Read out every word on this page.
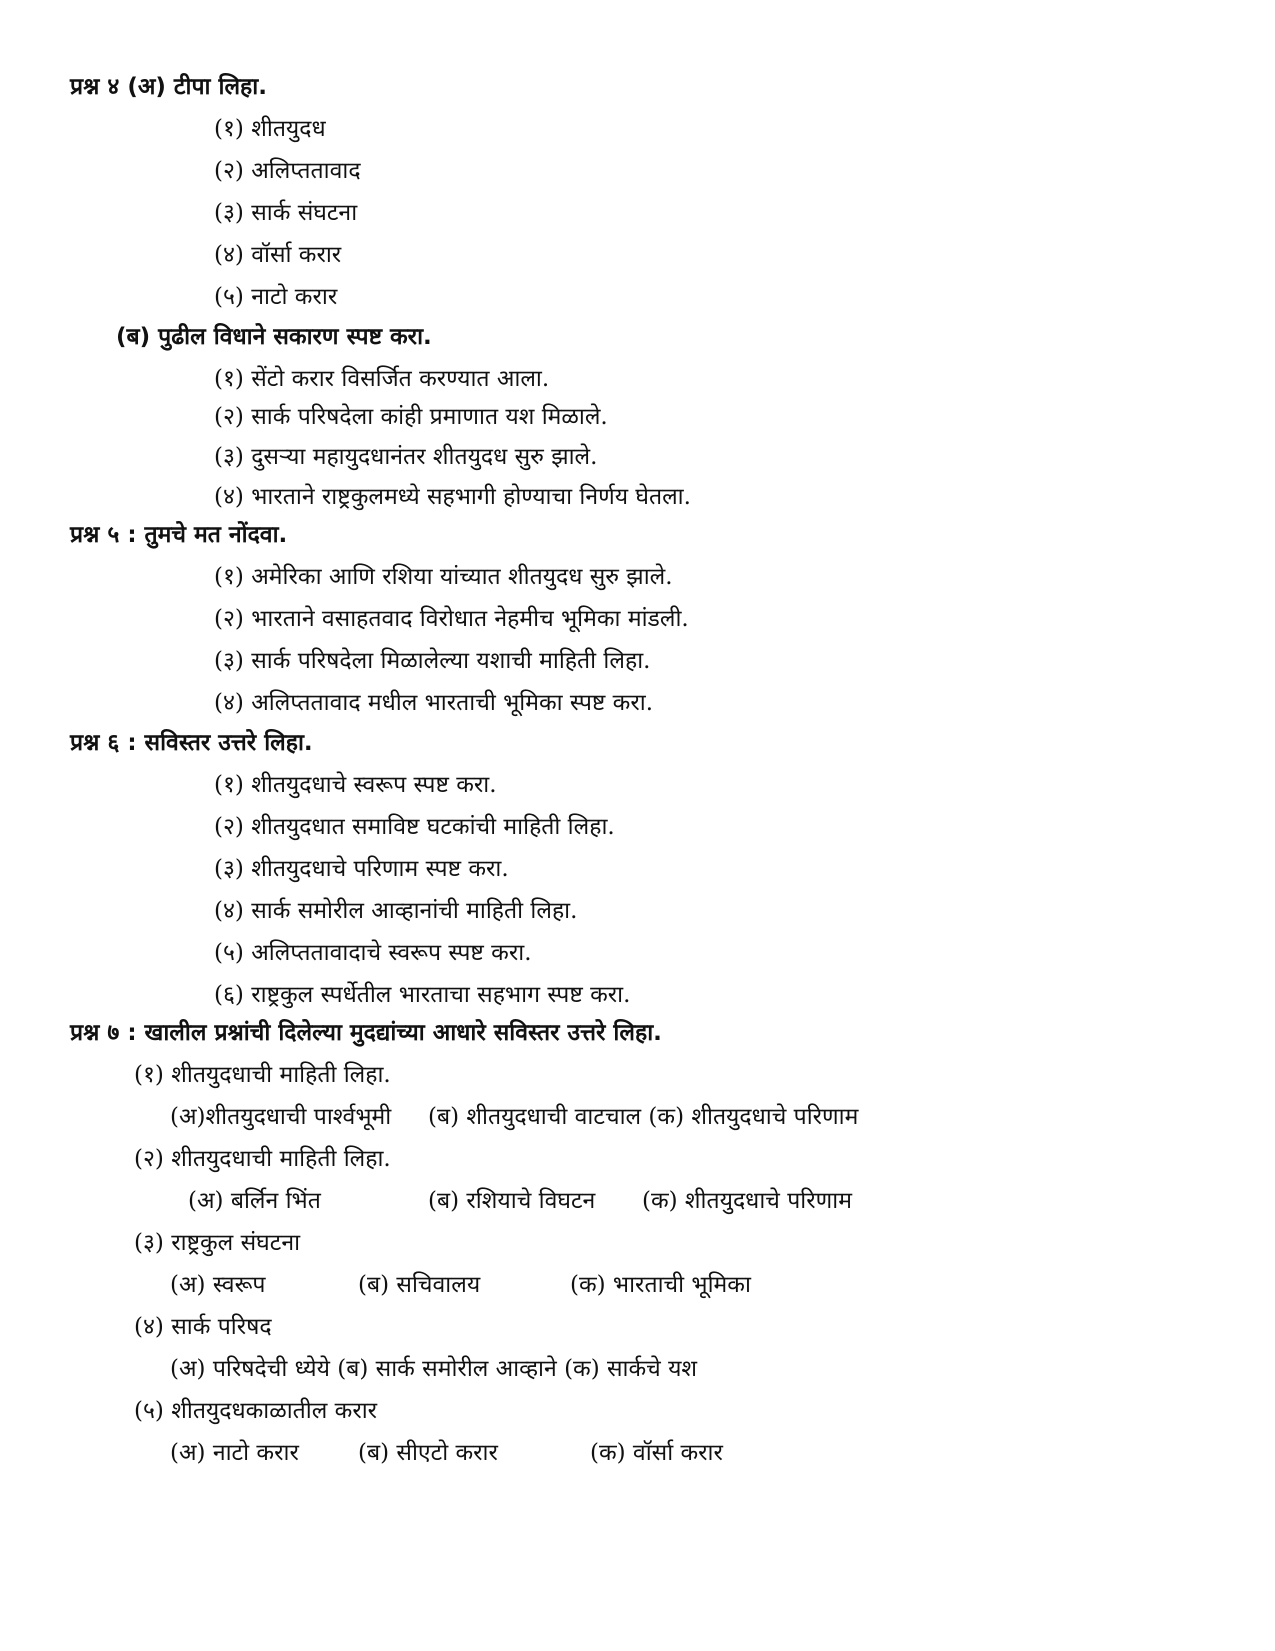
प्रश्न ४ (अ) टीपा लिहा.
(१) शीतयुदध
(२) अलिप्ततावाद
(३) सार्क संघटना
(४) वॉर्सा करार
(५) नाटो करार
(ब) पुढील विधाने सकारण स्पष्ट करा.
(१) सेंटो करार विसर्जित करण्यात आला.
(२) सार्क परिषदेला कांही प्रमाणात यश मिळाले.
(३) दुसऱ्या महायुदधानंतर शीतयुदध सुरु झाले.
(४) भारताने राष्ट्रकुलमध्ये सहभागी होण्याचा निर्णय घेतला.
प्रश्न ५ : तुमचे मत नोंदवा.
(१) अमेरिका आणि रशिया यांच्यात शीतयुदध सुरु झाले.
(२) भारताने वसाहतवाद विरोधात नेहमीच भूमिका मांडली.
(३) सार्क परिषदेला मिळालेल्या यशाची माहिती लिहा.
(४) अलिप्ततावाद मधील भारताची भूमिका स्पष्ट करा.
प्रश्न ६ : सविस्तर उत्तरे लिहा.
(१) शीतयुदधाचे स्वरूप स्पष्ट करा.
(२) शीतयुदधात समाविष्ट घटकांची माहिती लिहा.
(३) शीतयुदधाचे परिणाम स्पष्ट करा.
(४) सार्क समोरील आव्हानांची माहिती लिहा.
(५) अलिप्ततावादाचे स्वरूप स्पष्ट करा.
(६) राष्ट्रकुल स्पर्धेतील भारताचा सहभाग स्पष्ट करा.
प्रश्न ७ : खालील प्रश्नांची दिलेल्या मुदद्यांच्या आधारे सविस्तर उत्तरे लिहा.
(१) शीतयुदधाची माहिती लिहा.
(अ)शीतयुदधाची पार्श्वभूमी (ब) शीतयुदधाची वाटचाल (क) शीतयुदधाचे परिणाम
(२) शीतयुदधाची माहिती लिहा.
(अ) बर्लिन भिंत	(ब) रशियाचे विघटन (क) शीतयुदधाचे परिणाम
(३) राष्ट्रकुल संघटना
(अ) स्वरूप	(ब) सचिवालय	(क) भारताची भूमिका
(४) सार्क परिषद
(अ) परिषदेची ध्येये (ब) सार्क समोरील आव्हाने (क) सार्कचे यश
(५) शीतयुदधकाळातील करार
(अ) नाटो करार	(ब) सीएटो करार	(क) वॉर्सा करार
